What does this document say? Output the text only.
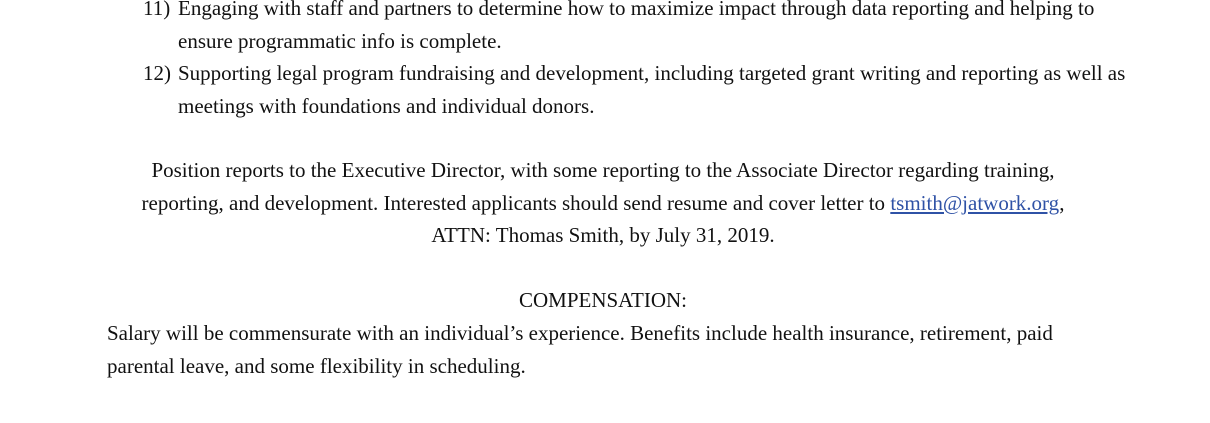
11) Engaging with staff and partners to determine how to maximize impact through data reporting and helping to ensure programmatic info is complete.
12) Supporting legal program fundraising and development, including targeted grant writing and reporting as well as meetings with foundations and individual donors.

Position reports to the Executive Director, with some reporting to the Associate Director regarding training, reporting, and development. Interested applicants should send resume and cover letter to tsmith@jatwork.org, ATTN: Thomas Smith, by July 31, 2019.

COMPENSATION:

Salary will be commensurate with an individual’s experience. Benefits include health insurance, retirement, paid parental leave, and some flexibility in scheduling.
